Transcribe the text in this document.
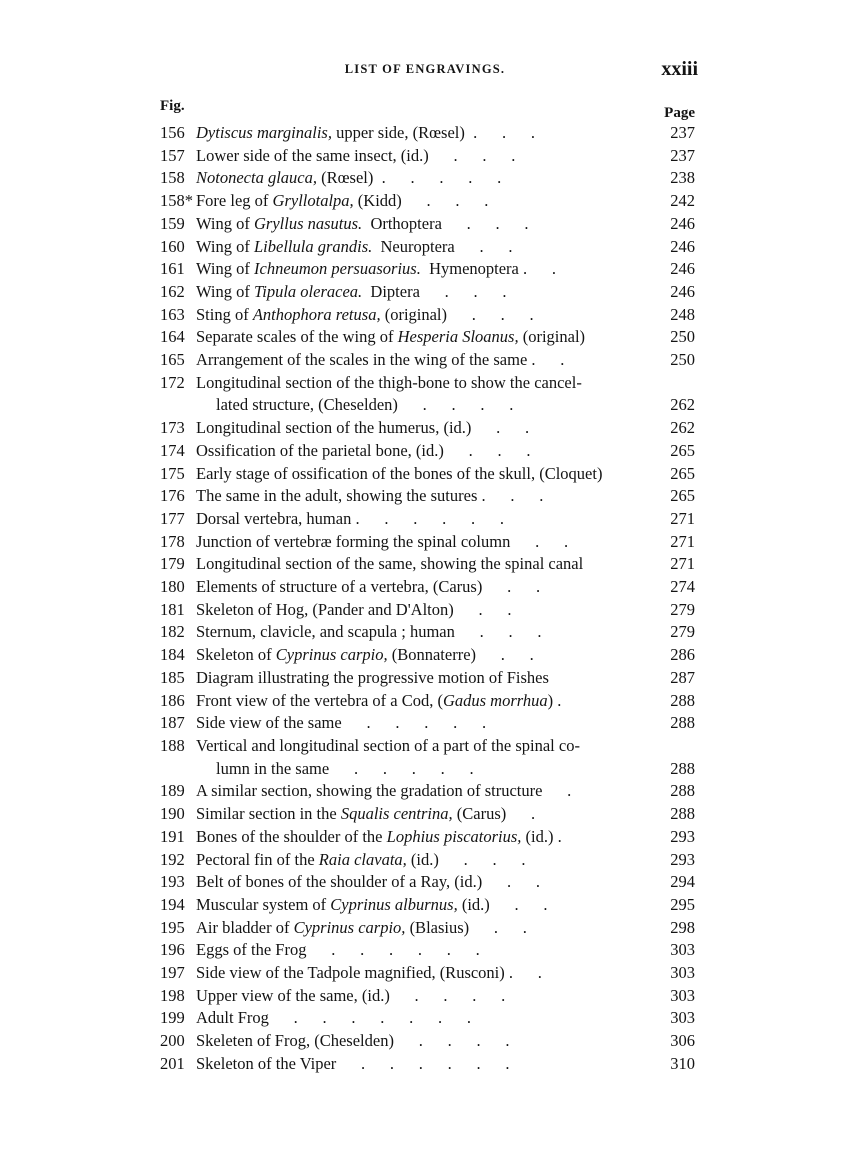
LIST OF ENGRAVINGS.	xxiii
Fig.	Page
156 Dytiscus marginalis, upper side, (Rœsel)  .      .      .	237
157 Lower side of the same insect, (id.)      .      .      .	237
158 Notonecta glauca, (Rœsel)  .      .      .      .      .	238
158* Fore leg of Gryllotalpa, (Kidd)      .      .      .	242
159 Wing of Gryllus nasutus.  Orthoptera      .      .      .	246
160 Wing of Libellula grandis.  Neuroptera      .      .	246
161 Wing of Ichneumon persuasorius.  Hymenoptera .      .	246
162 Wing of Tipula oleracea.  Diptera      .      .      .	246
163 Sting of Anthophora retusa, (original)      .      .      .	248
164 Separate scales of the wing of Hesperia Sloanus, (original)	250
165 Arrangement of the scales in the wing of the same .      .	250
172 Longitudinal section of the thigh-bone to show the cancel-
lated structure, (Cheselden)      .      .      .      .	262
173 Longitudinal section of the humerus, (id.)      .      .	262
174 Ossification of the parietal bone, (id.)      .      .      .	265
175 Early stage of ossification of the bones of the skull, (Cloquet)	265
176 The same in the adult, showing the sutures .      .      .	265
177 Dorsal vertebra, human .      .      .      .      .      .	271
178 Junction of vertebræ forming the spinal column      .      .	271
179 Longitudinal section of the same, showing the spinal canal	271
180 Elements of structure of a vertebra, (Carus)      .      .	274
181 Skeleton of Hog, (Pander and D'Alton)      .      .	279
182 Sternum, clavicle, and scapula ; human      .      .      .	279
184 Skeleton of Cyprinus carpio, (Bonnaterre)      .      .	286
185 Diagram illustrating the progressive motion of Fishes	287
186 Front view of the vertebra of a Cod, (Gadus morrhua) .	288
187 Side view of the same      .      .      .      .      .	288
188 Vertical and longitudinal section of a part of the spinal co-
lumn in the same      .      .      .      .      .	288
189 A similar section, showing the gradation of structure      .	288
190 Similar section in the Squalis centrina, (Carus)      .	288
191 Bones of the shoulder of the Lophius piscatorius, (id.) .	293
192 Pectoral fin of the Raia clavata, (id.)      .      .      .	293
193 Belt of bones of the shoulder of a Ray, (id.)      .      .	294
194 Muscular system of Cyprinus alburnus, (id.)      .      .	295
195 Air bladder of Cyprinus carpio, (Blasius)      .      .	298
196 Eggs of the Frog      .      .      .      .      .      .	303
197 Side view of the Tadpole magnified, (Rusconi) .      .	303
198 Upper view of the same, (id.)      .      .      .      .	303
199 Adult Frog      .      .      .      .      .      .      .	303
200 Skeleten of Frog, (Cheselden)      .      .      .      .	306
201 Skeleton of the Viper      .      .      .      .      .      .	310
